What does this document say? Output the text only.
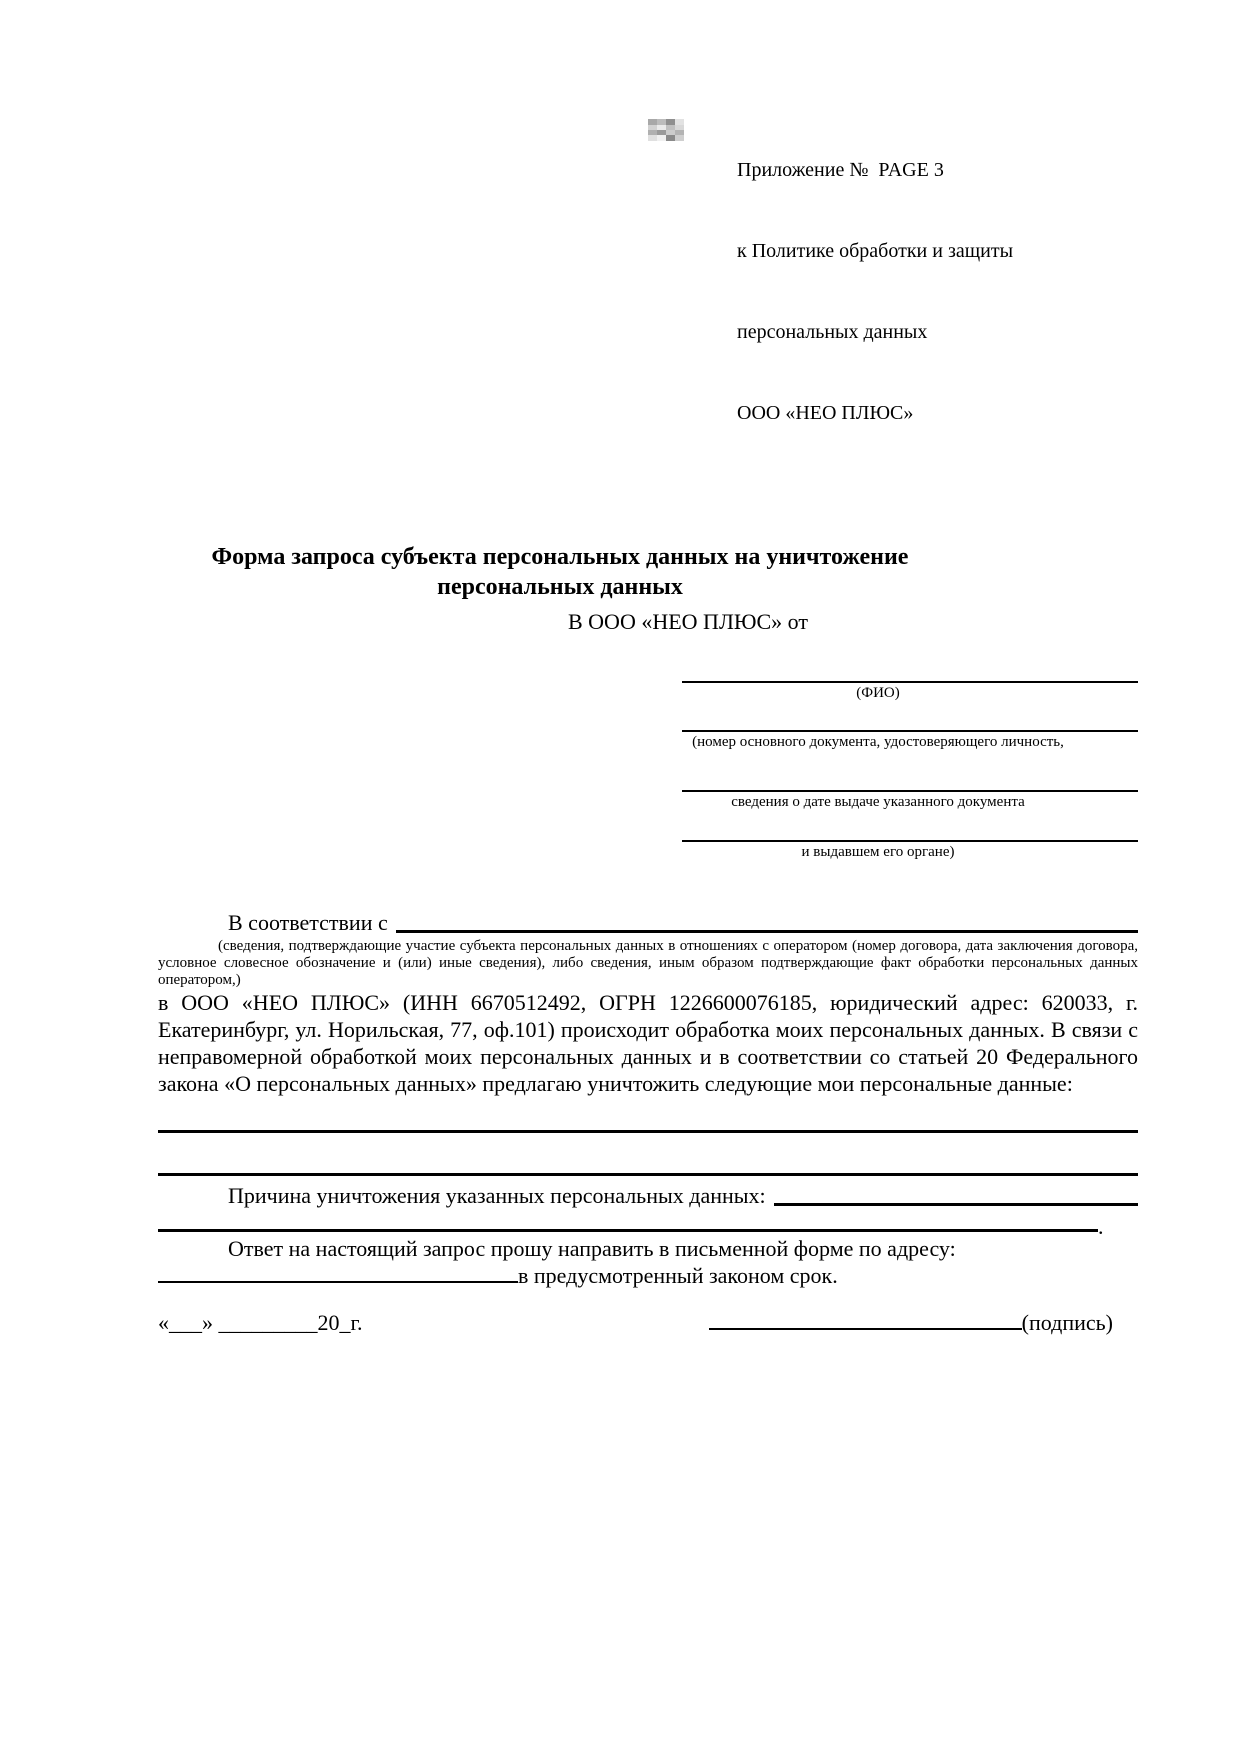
Приложение №  PAGE 3

к Политике обработки и защиты

персональных данных

ООО «НЕО ПЛЮС»

Форма запроса субъекта персональных данных на уничтожение персональных данных
В ООО «НЕО ПЛЮС» от
(ФИО)
(номер основного документа, удостоверяющего личность,
сведения о дате выдаче указанного документа
и выдавшем его органе)
В соответствии с

(сведения, подтверждающие участие субъекта персональных данных в отношениях с оператором (номер договора, дата заключения договора, условное словесное обозначение и (или) иные сведения), либо сведения, иным образом подтверждающие факт обработки персональных данных оператором,)

в ООО «НЕО ПЛЮС» (ИНН 6670512492, ОГРН 1226600076185, юридический адрес: 620033, г. Екатеринбург, ул. Норильская, 77, оф.101) происходит обработка моих персональных данных. В связи с неправомерной обработкой моих персональных данных и в соответствии со статьей 20 Федерального закона «О персональных данных» предлагаю уничтожить следующие мои персональные данные:

Причина уничтожения указанных персональных данных:
.

Ответ на настоящий запрос прошу направить в письменной форме по адресу:

в предусмотренный законом срок.
«___» _________20_г.	(подпись)
